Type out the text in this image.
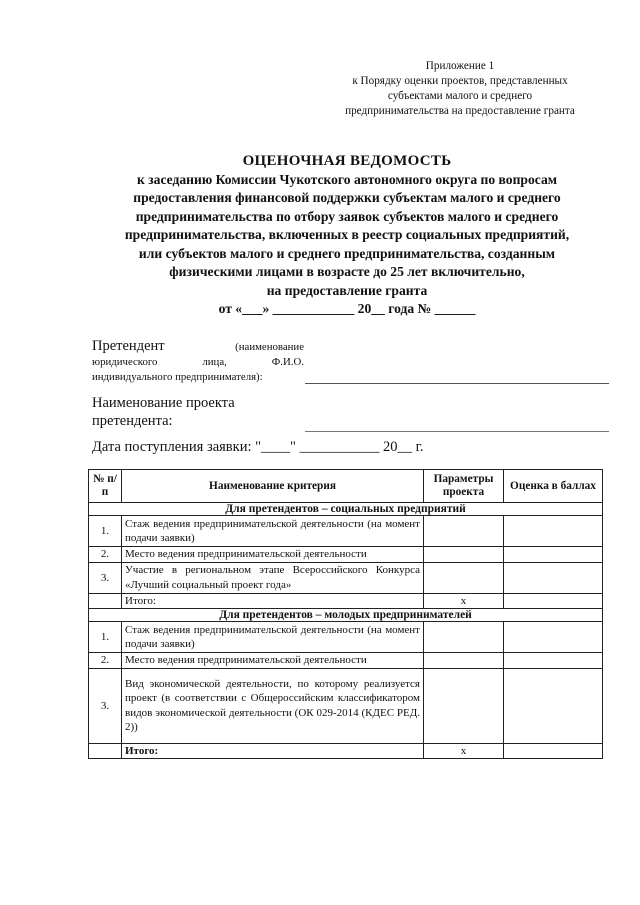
Приложение 1
к Порядку оценки проектов, представленных
субъектами малого и среднего
предпринимательства на предоставление гранта
ОЦЕНОЧНАЯ ВЕДОМОСТЬ
к заседанию Комиссии Чукотского автономного округа по вопросам
предоставления финансовой поддержки субъектам малого и среднего
предпринимательства по отбору заявок субъектов малого и среднего
предпринимательства, включенных в реестр социальных предприятий,
или субъектов малого и среднего предпринимательства, созданным
физическими лицами в возрасте до 25 лет включительно,
на предоставление гранта
от «___» ____________ 20__ года № ______
Претендент	(наименование
юридического	лица,	Ф.И.О.
индивидуального предпринимателя):
Наименование проекта
претендента:
Дата поступления заявки: "____" ___________ 20__ г.
№ п/п	Наименование критерия	Параметры проекта	Оценка в баллах
Для претендентов – социальных предприятий			
1.	Стаж ведения предпринимательской деятельности (на момент подачи заявки)		
2.	Место ведения предпринимательской деятельности		
3.	Участие в региональном этапе Всероссийского Конкурса «Лучший социальный проект года»		
	Итого:	х	
Для претендентов – молодых предпринимателей			
1.	Стаж ведения предпринимательской деятельности (на момент подачи заявки)		
2.	Место ведения предпринимательской деятельности		
3.	Вид экономической деятельности, по которому реализуется проект (в соответствии с Общероссийским классификатором видов экономической деятельности (ОК 029-2014 (КДЕС РЕД. 2))		
	Итого:	х	
